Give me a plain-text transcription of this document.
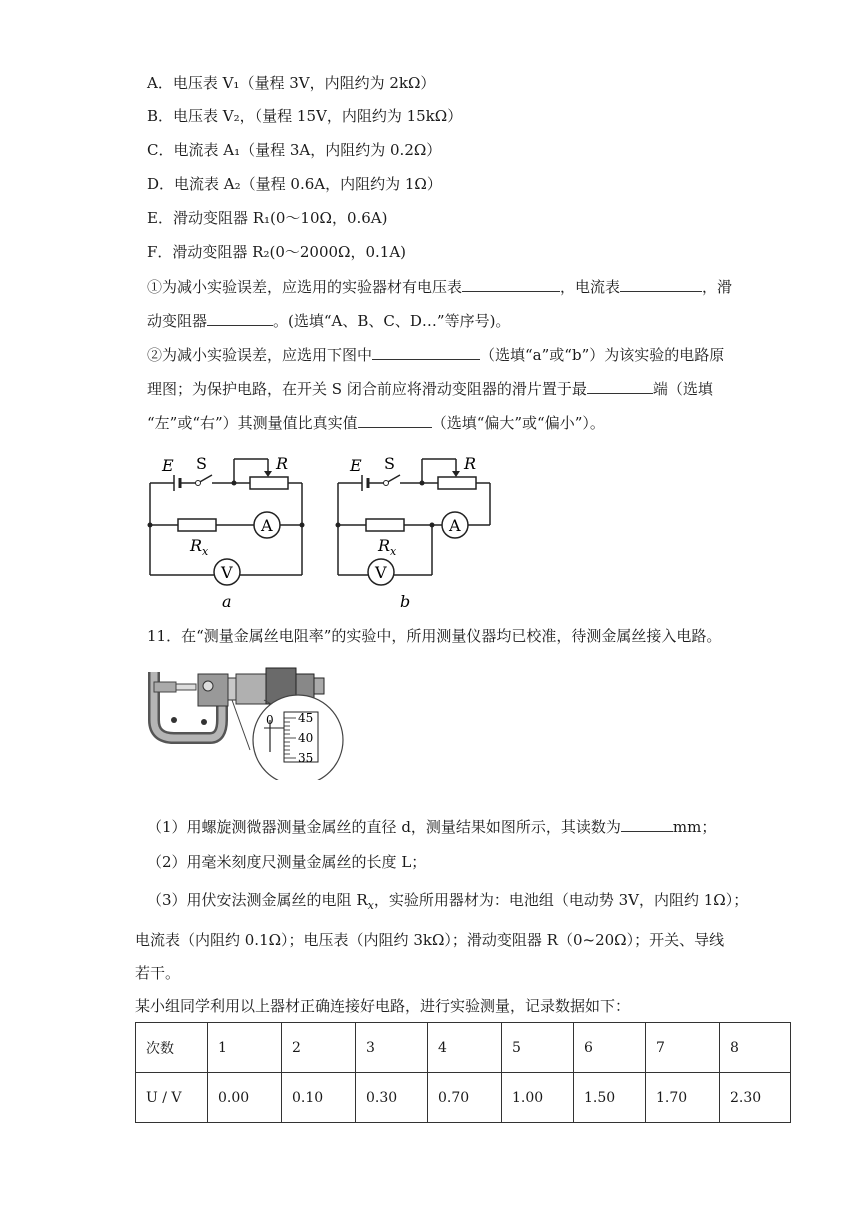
A．电压表 V₁（量程 3V，内阻约为 2kΩ）
B．电压表 V₂，（量程 15V，内阻约为 15kΩ）
C．电流表 A₁（量程 3A，内阻约为 0.2Ω）
D．电流表 A₂（量程 0.6A，内阻约为 1Ω）
E．滑动变阻器 R₁(0～10Ω，0.6A)
F．滑动变阻器 R₂(0～2000Ω，0.1A)
①为减小实验误差，应选用的实验器材有电压表	，电流表	，滑
动变阻器	。(选填“A、B、C、D…”等序号)。
②为减小实验误差，应选用下图中	（选填“a”或“b”）为该实验的电路原
理图；为保护电路，在开关 S 闭合前应将滑动变阻器的滑片置于最	端（选填
“左”或“右”）其测量值比真实值	（选填“偏大”或“偏小”）。
E S	R
$R_x$
A
V
a
E S	R
$R_x$
A
V
b
11．在“测量金属丝电阻率”的实验中，所用测量仪器均已校准，待测金属丝接入电路。
0 45
40
35
（1）用螺旋测微器测量金属丝的直径 d，测量结果如图所示，其读数为	mm；
（2）用毫米刻度尺测量金属丝的长度 L；
（3）用伏安法测金属丝的电阻 $R_x$，实验所用器材为：电池组（电动势 3V，内阻约 1Ω）；
电流表（内阻约 0.1Ω）；电压表（内阻约 3kΩ）；滑动变阻器 R（0~20Ω）；开关、导线
若干。
某小组同学利用以上器材正确连接好电路，进行实验测量，记录数据如下：
次数	1	2	3	4	5	6	7	8
U / V	0.00	0.10	0.30	0.70	1.00	1.50	1.70	2.30
